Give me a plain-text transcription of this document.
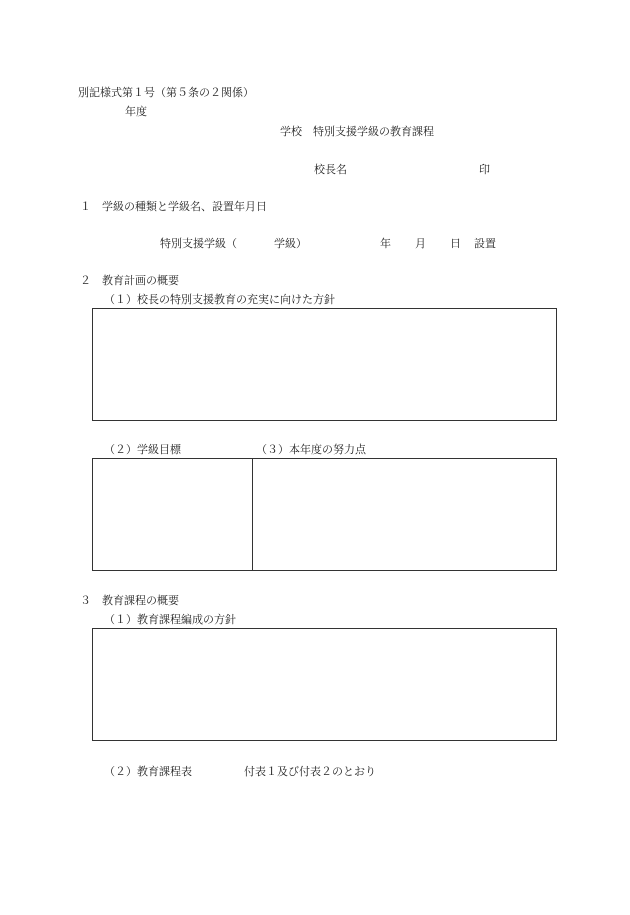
別記様式第１号（第５条の２関係）
年度
学校　特別支援学級の教育課程
校長名	印
１　学級の種類と学級名、設置年月日
特別支援学級（	学級）	年 月 日 設置
２　教育計画の概要
（１）校長の特別支援教育の充実に向けた方針
（２）学級目標	（３）本年度の努力点
３　教育課程の概要
（１）教育課程編成の方針
（２）教育課程表	付表１及び付表２のとおり
